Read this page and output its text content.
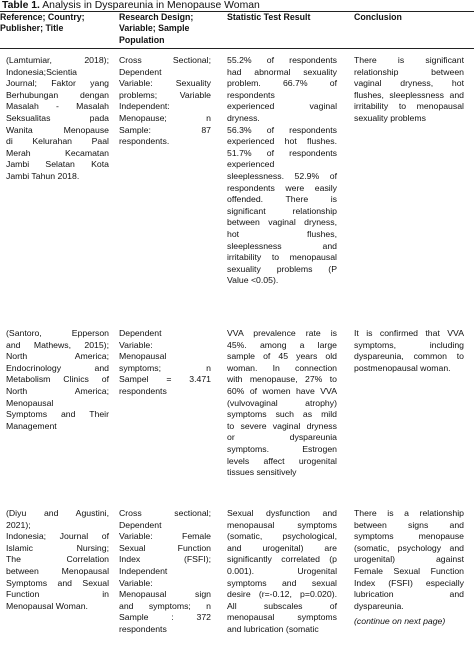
Table 1. Analysis in Dyspareunia in Menopause Woman
Reference; Country;
Publisher; Title
Research Design;
Variable; Sample
Population
Statistic Test Result	Conclusion
(Lamtumiar, 2018);
Indonesia;Scientia
Journal; Faktor yang
Berhubungan dengan
Masalah - Masalah
Seksualitas pada
Wanita Menopause
di Kelurahan Paal
Merah Kecamatan
Jambi Selatan Kota
Jambi Tahun 2018.
Cross Sectional;
Dependent
Variable: Sexuality
problems; Variable
Independent:
Menopause; n
Sample: 87
respondents.
55.2% of respondents
had abnormal sexuality
problem. 66.7% of
respondents
experienced vaginal
dryness.
56.3% of respondents
experienced hot flushes.
51.7% of respondents
experienced
sleeplessness. 52.9% of
respondents were easily
offended. There is
significant relationship
between vaginal dryness,
hot flushes,
sleeplessness and
irritability to menopausal
sexuality problems (P
Value <0.05).
There is significant
relationship between
vaginal dryness, hot
flushes, sleeplessness and
irritability to menopausal
sexuality problems
(Santoro, Epperson
and Mathews, 2015);
North America;
Endocrinology and
Metabolism Clinics of
North America;
Menopausal
Symptoms and Their
Management
Dependent
Variable:
Menopausal
symptoms; n
Sampel = 3.471
respondents
VVA prevalence rate is
45%. among a large
sample of 45 years old
woman. In connection
with menopause, 27% to
60% of women have VVA
(vulvovaginal atrophy)
symptoms such as mild
to severe vaginal dryness
or dyspareunia
symptoms. Estrogen
levels affect urogenital
tissues sensitively
It is confirmed that VVA
symptoms, including
dyspareunia, common to
postmenopausal woman.
(Diyu and Agustini,
2021);
Indonesia; Journal of
Islamic Nursing;
The Correlation
between Menopausal
Symptoms and Sexual
Function in
Menopausal Woman.
Cross sectional;
Dependent
Variable: Female
Sexual Function
Index (FSFI);
Independent
Variable:
Menopausal sign
and symptoms; n
Sample : 372
respondents
Sexual dysfunction and
menopausal symptoms
(somatic, psychological,
and urogenital) are
significantly correlated (p
0.001). Urogenital
symptoms and sexual
desire (r=-0.12, p=0.020).
All subscales of
menopausal symptoms
and lubrication (somatic
There is a relationship
between signs and
symptoms menopause
(somatic, psychology and
urogenital) against
Female Sexual Function
Index (FSFI) especially
lubrication and
dyspareunia.
(continue on next page)
